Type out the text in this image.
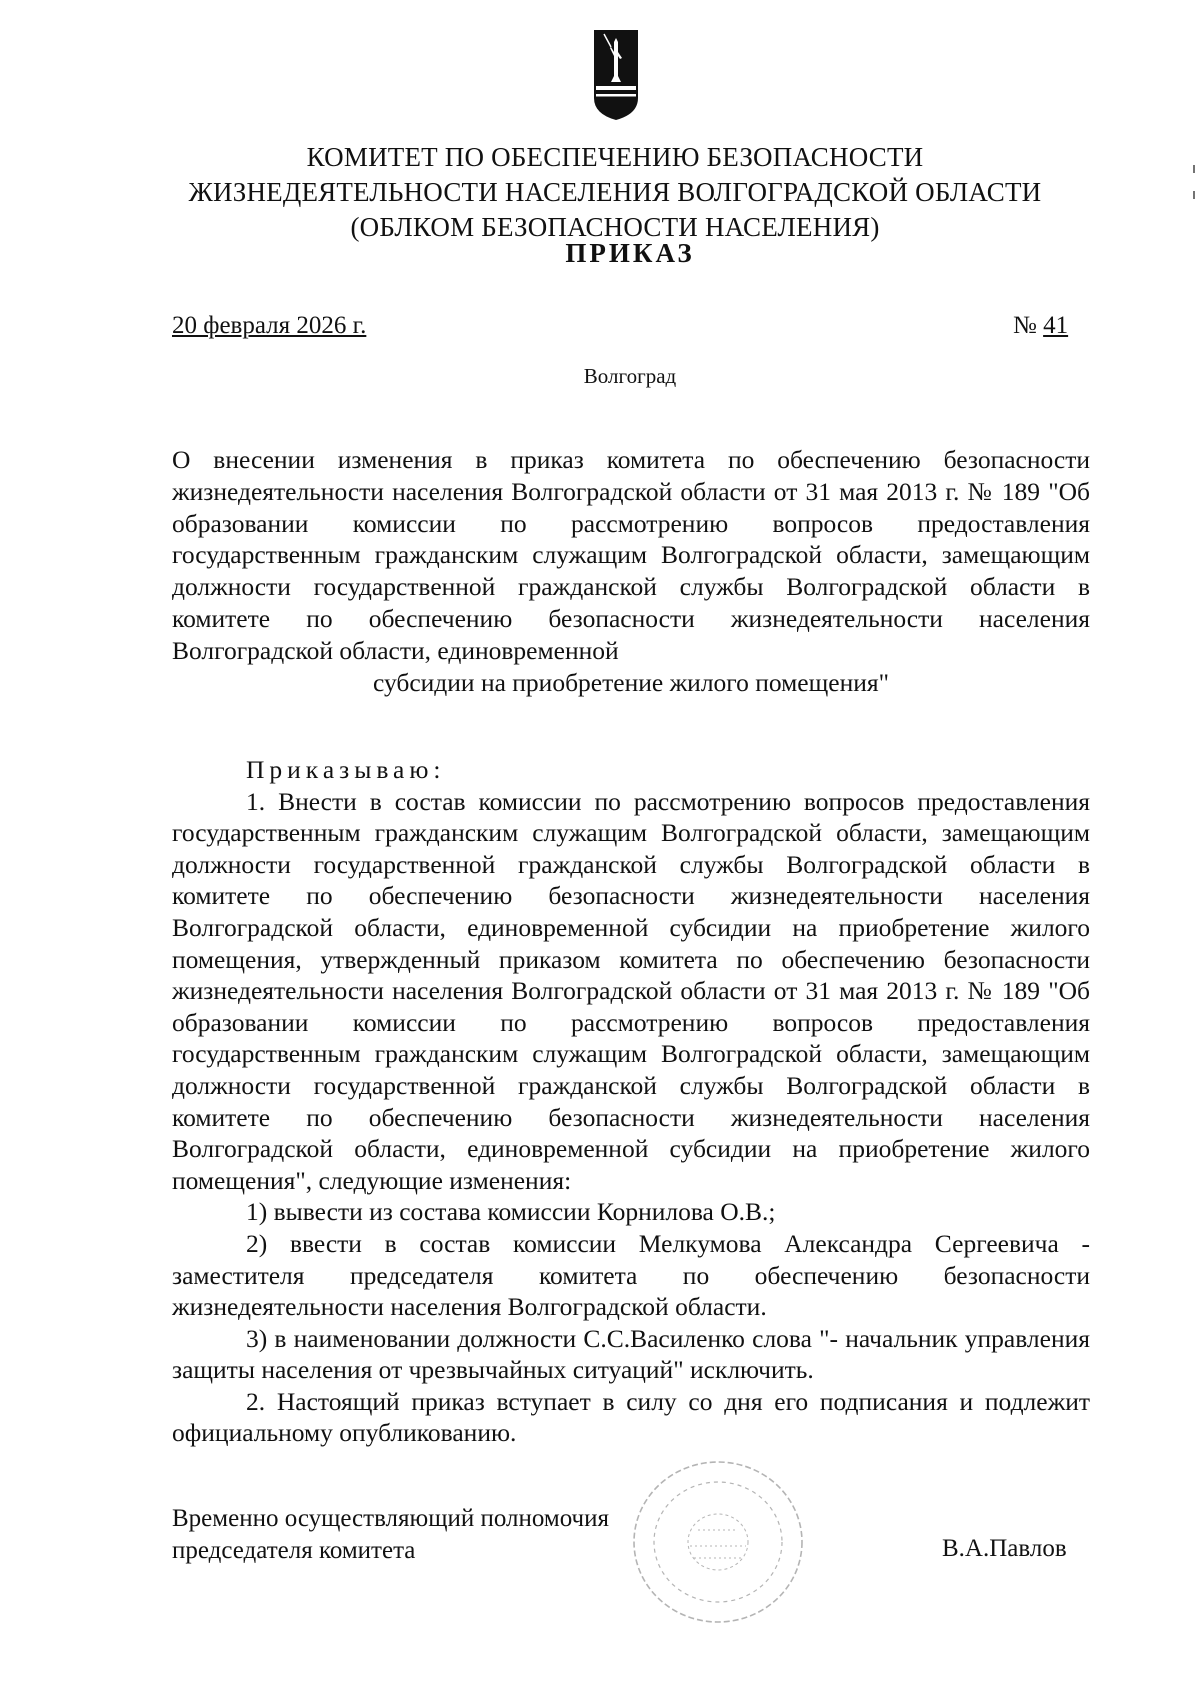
КОМИТЕТ ПО ОБЕСПЕЧЕНИЮ БЕЗОПАСНОСТИ
ЖИЗНЕДЕЯТЕЛЬНОСТИ НАСЕЛЕНИЯ ВОЛГОГРАДСКОЙ ОБЛАСТИ
(ОБЛКОМ БЕЗОПАСНОСТИ НАСЕЛЕНИЯ)
ПРИКАЗ
20 февраля 2026 г.	№ 41
Волгоград
О внесении изменения в приказ комитета по обеспечению безопасности жизнедеятельности населения Волгоградской области от 31 мая 2013 г. № 189 "Об образовании комиссии по рассмотрению вопросов предоставления государственным гражданским служащим Волгоградской области, замещающим должности государственной гражданской службы Волгоградской области в комитете по обеспечению безопасности жизнедеятельности населения Волгоградской области, единовременной
субсидии на приобретение жилого помещения"

Приказываю:

1. Внести в состав комиссии по рассмотрению вопросов предоставления государственным гражданским служащим Волгоградской области, замещающим должности государственной гражданской службы Волгоградской области в комитете по обеспечению безопасности жизнедеятельности населения Волгоградской области, единовременной субсидии на приобретение жилого помещения, утвержденный приказом комитета по обеспечению безопасности жизнедеятельности населения Волгоградской области от 31 мая 2013 г. № 189 "Об образовании комиссии по рассмотрению вопросов предоставления государственным гражданским служащим Волгоградской области, замещающим должности государственной гражданской службы Волгоградской области в комитете по обеспечению безопасности жизнедеятельности населения Волгоградской области, единовременной субсидии на приобретение жилого помещения", следующие изменения:

1) вывести из состава комиссии Корнилова О.В.;

2) ввести в состав комиссии Мелкумова Александра Сергеевича - заместителя председателя комитета по обеспечению безопасности жизнедеятельности населения Волгоградской области.

3) в наименовании должности С.С.Василенко слова "- начальник управления защиты населения от чрезвычайных ситуаций" исключить.

2. Настоящий приказ вступает в силу со дня его подписания и подлежит официальному опубликованию.

Временно осуществляющий полномочия
председателя комитета	В.А.Павлов
